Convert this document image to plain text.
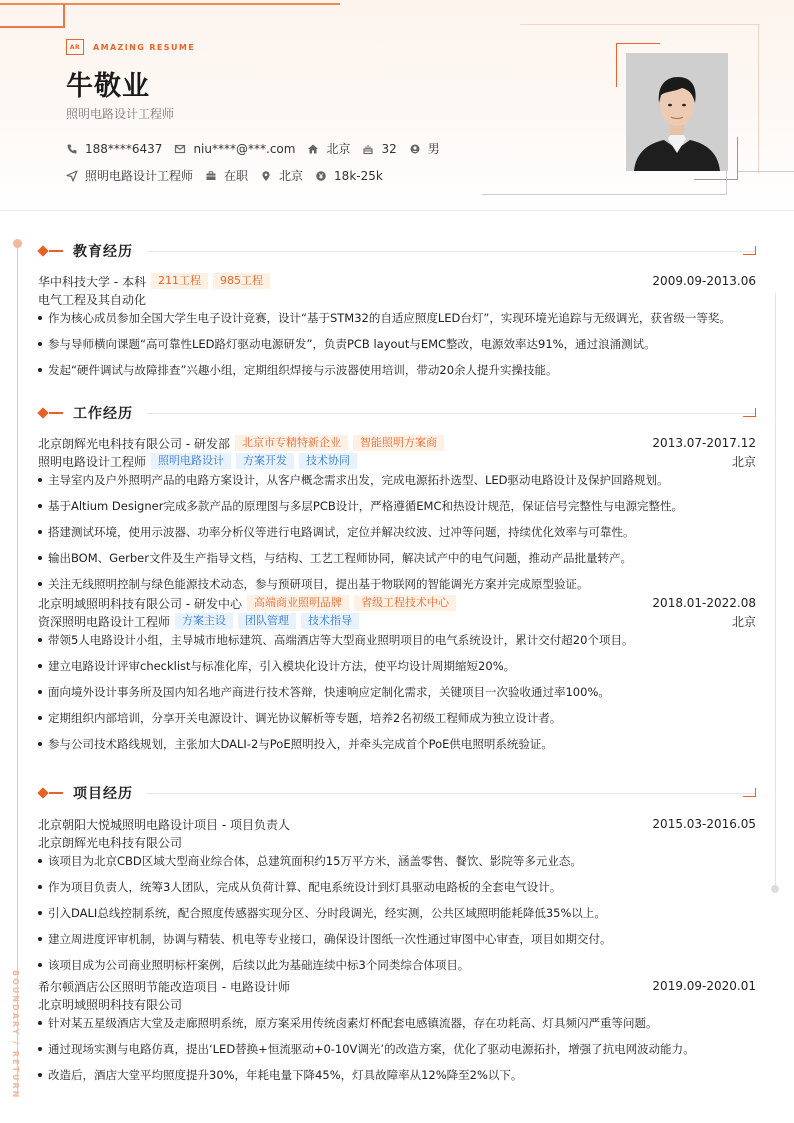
AR	AMAZING RESUME
牛敬业
照明电路设计工程师
188****6437	niu****@***.com	北京	32	男
照明电路设计工程师	在职	北京	18k-25k
BOUNDARY / RETURN
教育经历
华中科技大学 - 本科	211工程	985工程	2009.09-2013.06
电气工程及其自动化
作为核心成员参加全国大学生电子设计竞赛，设计“基于STM32的自适应照度LED台灯”，实现环境光追踪与无级调光，获省级一等奖。
参与导师横向课题“高可靠性LED路灯驱动电源研发”，负责PCB layout与EMC整改，电源效率达91%，通过浪涌测试。
发起“硬件调试与故障排查”兴趣小组，定期组织焊接与示波器使用培训，带动20余人提升实操技能。
工作经历
北京朗辉光电科技有限公司 - 研发部	北京市专精特新企业	智能照明方案商	2013.07-2017.12
照明电路设计工程师	照明电路设计	方案开发	技术协同	北京
主导室内及户外照明产品的电路方案设计，从客户概念需求出发，完成电源拓扑选型、LED驱动电路设计及保护回路规划。
基于Altium Designer完成多款产品的原理图与多层PCB设计，严格遵循EMC和热设计规范，保证信号完整性与电源完整性。
搭建测试环境，使用示波器、功率分析仪等进行电路调试，定位并解决纹波、过冲等问题，持续优化效率与可靠性。
输出BOM、Gerber文件及生产指导文档，与结构、工艺工程师协同，解决试产中的电气问题，推动产品批量转产。
关注无线照明控制与绿色能源技术动态，参与预研项目，提出基于物联网的智能调光方案并完成原型验证。
北京明域照明科技有限公司 - 研发中心	高端商业照明品牌	省级工程技术中心	2018.01-2022.08
资深照明电路设计工程师	方案主设	团队管理	技术指导	北京
带领5人电路设计小组，主导城市地标建筑、高端酒店等大型商业照明项目的电气系统设计，累计交付超20个项目。
建立电路设计评审checklist与标准化库，引入模块化设计方法，使平均设计周期缩短20%。
面向境外设计事务所及国内知名地产商进行技术答辩，快速响应定制化需求，关键项目一次验收通过率100%。
定期组织内部培训，分享开关电源设计、调光协议解析等专题，培养2名初级工程师成为独立设计者。
参与公司技术路线规划，主张加大DALI-2与PoE照明投入，并牵头完成首个PoE供电照明系统验证。
项目经历
北京朝阳大悦城照明电路设计项目 - 项目负责人	2015.03-2016.05
北京朗辉光电科技有限公司
该项目为北京CBD区域大型商业综合体，总建筑面积约15万平方米，涵盖零售、餐饮、影院等多元业态。
作为项目负责人，统筹3人团队，完成从负荷计算、配电系统设计到灯具驱动电路板的全套电气设计。
引入DALI总线控制系统，配合照度传感器实现分区、分时段调光，经实测，公共区域照明能耗降低35%以上。
建立周进度评审机制，协调与精装、机电等专业接口，确保设计图纸一次性通过审图中心审查，项目如期交付。
该项目成为公司商业照明标杆案例，后续以此为基础连续中标3个同类综合体项目。
希尔顿酒店公区照明节能改造项目 - 电路设计师	2019.09-2020.01
北京明域照明科技有限公司
针对某五星级酒店大堂及走廊照明系统，原方案采用传统卤素灯杯配套电感镇流器，存在功耗高、灯具频闪严重等问题。
通过现场实测与电路仿真，提出‘LED替换+恒流驱动+0-10V调光’的改造方案，优化了驱动电源拓扑，增强了抗电网波动能力。
改造后，酒店大堂平均照度提升30%，年耗电量下降45%，灯具故障率从12%降至2%以下。
